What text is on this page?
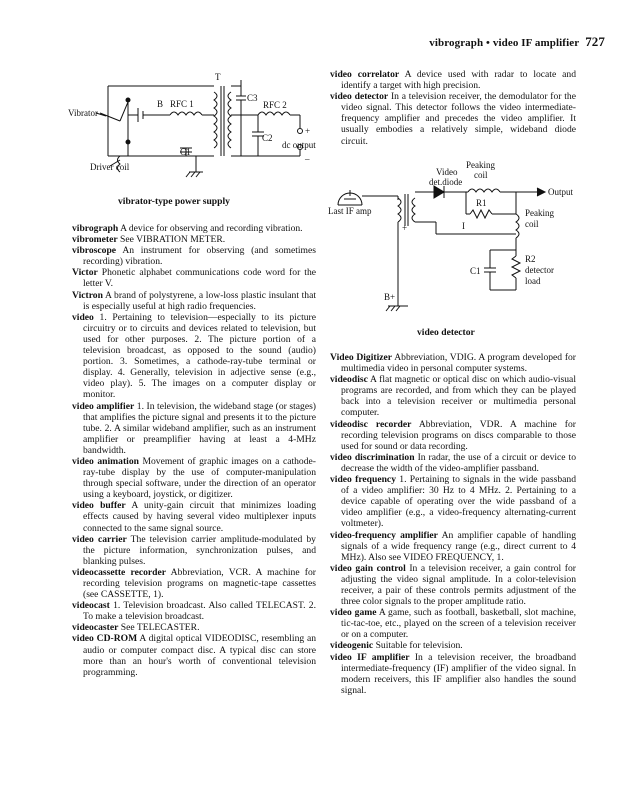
vibrograph • video IF amplifier 727
T
B RFC 1
C3
RFC 2
Vibrator
C2
dc output
+
–
C1
Driver coil	Video
det.diode
Peaking
coil
Output
R1
Last IF amp	Peaking
coil
I
R2
detector
load
C1
+
B+
vibrator-type power supply
video detector

video correlator A device used with radar to locate and identify a target with high precision.

video detector In a television receiver, the demodulator for the video signal. This detector follows the video intermediate-frequency amplifier and precedes the video amplifier. It usually embodies a relatively simple, wideband diode circuit.

vibrograph A device for observing and recording vibration.

vibrometer See VIBRATION METER.

vibroscope An instrument for observing (and sometimes recording) vibration.

Victor Phonetic alphabet communications code word for the letter V.

Victron A brand of polystyrene, a low-loss plastic insulant that is especially useful at high radio frequencies.

video 1. Pertaining to television—especially to its picture circuitry or to circuits and devices related to television, but used for other purposes. 2. The picture portion of a television broadcast, as opposed to the sound (audio) portion. 3. Sometimes, a cathode-ray-tube terminal or display. 4. Generally, television in adjective sense (e.g., video play). 5. The images on a computer display or monitor.

video amplifier 1. In television, the wideband stage (or stages) that amplifies the picture signal and presents it to the picture tube. 2. A similar wideband amplifier, such as an instrument amplifier or preamplifier having at least a 4-MHz bandwidth.

video animation Movement of graphic images on a cathode-ray-tube display by the use of computer-manipulation through special software, under the direction of an operator using a keyboard, joystick, or digitizer.

video buffer A unity-gain circuit that minimizes loading effects caused by having several video multiplexer inputs connected to the same signal source.

video carrier The television carrier amplitude-modulated by the picture information, synchronization pulses, and blanking pulses.

videocassette recorder Abbreviation, VCR. A machine for recording television programs on magnetic-tape cassettes (see CASSETTE, 1).

videocast 1. Television broadcast. Also called TELECAST. 2. To make a television broadcast.

videocaster See TELECASTER.

video CD-ROM A digital optical VIDEODISC, resembling an audio or computer compact disc. A typical disc can store more than an hour's worth of conventional television programming.

Video Digitizer Abbreviation, VDIG. A program developed for multimedia video in personal computer systems.

videodisc A flat magnetic or optical disc on which audio-visual programs are recorded, and from which they can be played back into a television receiver or multimedia personal computer.

videodisc recorder Abbreviation, VDR. A machine for recording television programs on discs comparable to those used for sound or data recording.

video discrimination In radar, the use of a circuit or device to decrease the width of the video-amplifier passband.

video frequency 1. Pertaining to signals in the wide passband of a video amplifier: 30 Hz to 4 MHz. 2. Pertaining to a device capable of operating over the wide passband of a video amplifier (e.g., a video-frequency alternating-current voltmeter).

video-frequency amplifier An amplifier capable of handling signals of a wide frequency range (e.g., direct current to 4 MHz). Also see VIDEO FREQUENCY, 1.

video gain control In a television receiver, a gain control for adjusting the video signal amplitude. In a color-television receiver, a pair of these controls permits adjustment of the three color signals to the proper amplitude ratio.

video game A game, such as football, basketball, slot machine, tic-tac-toe, etc., played on the screen of a television receiver or on a computer.

videogenic Suitable for television.

video IF amplifier In a television receiver, the broadband intermediate-frequency (IF) amplifier of the video signal. In modern receivers, this IF amplifier also handles the sound signal.
